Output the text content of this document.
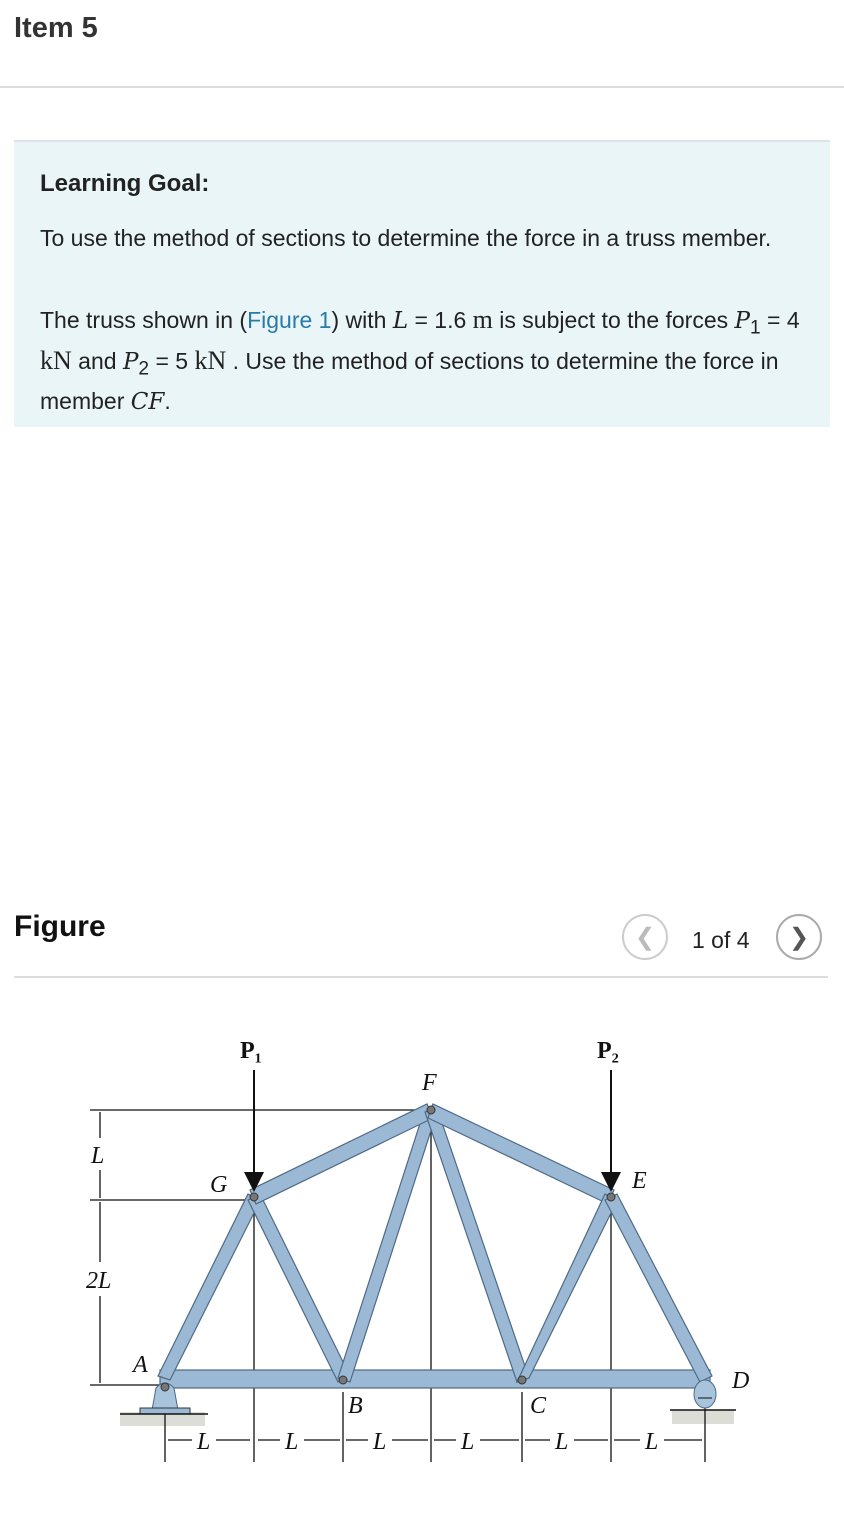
Item 5
Learning Goal:

To use the method of sections to determine the force in a truss member.

The truss shown in (Figure 1) with L = 1.6 m is subject to the forces $P_1 = 4$ kN and $P_2 = 5$ kN . Use the method of sections to determine the force in member CF.

Figure	❮ 1 of 4 ❯
P₁	P₂
F
G	E
A
D
B	C
L
2L
L	L	L	L	L	L
